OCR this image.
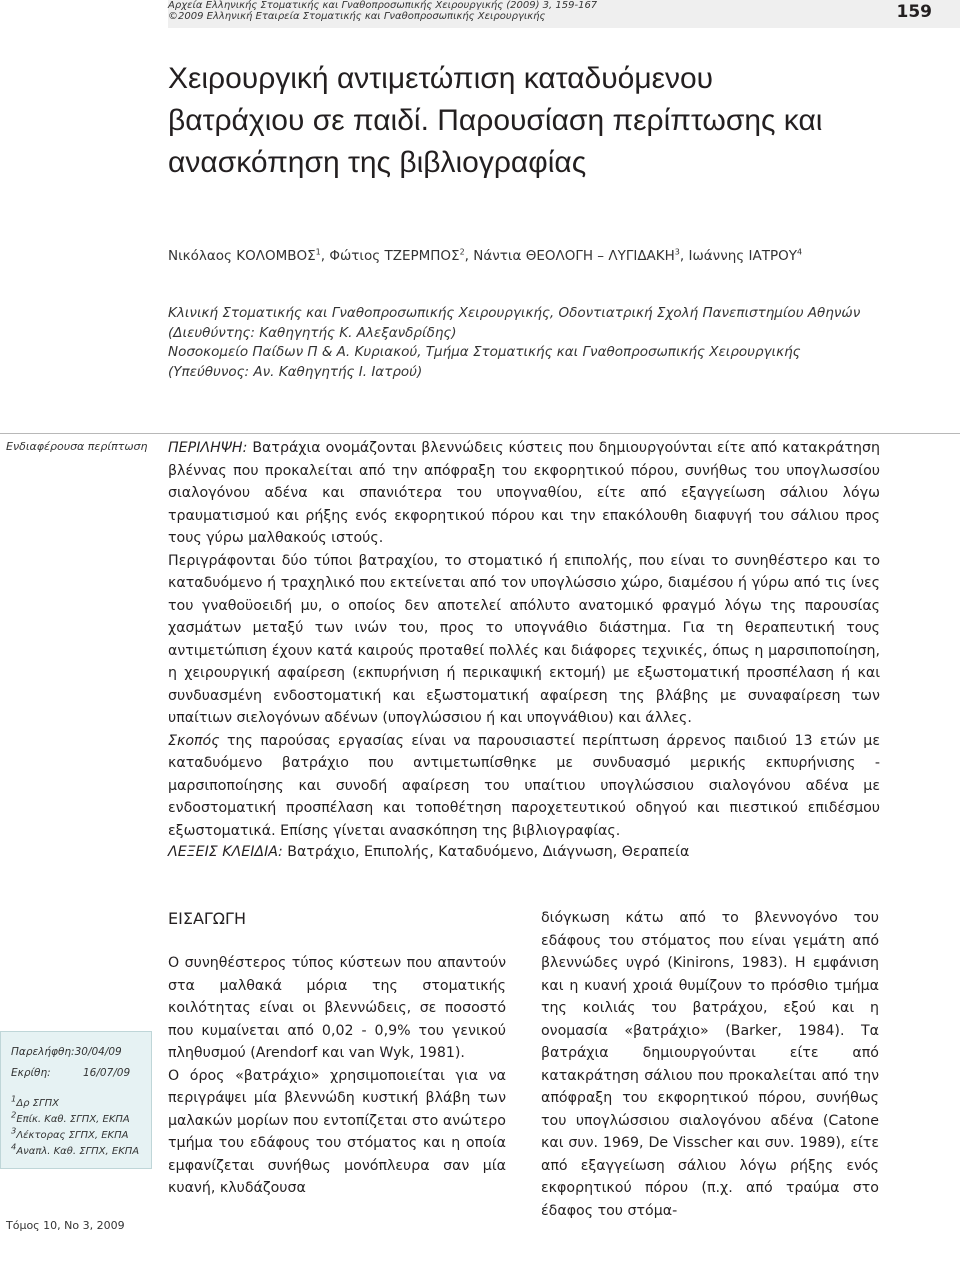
Αρχεία Ελληνικής Στοματικής και Γναθοπροσωπικής Χειρουργικής (2009) 3, 159-167
©2009 Ελληνική Εταιρεία Στοματικής και Γναθοπροσωπικής Χειρουργικής	159
Χειρουργική αντιμετώπιση καταδυόμενου
βατράχιου σε παιδί. Παρουσίαση περίπτωσης και
ανασκόπηση της βιβλιογραφίας
Νικόλαος ΚΟΛΟΜΒΟΣ$^1$, Φώτιος ΤΖΕΡΜΠΟΣ$^2$, Νάντια ΘΕΟΛΟΓΗ – ΛΥΓΙΔΑΚΗ$^3$, Ιωάννης ΙΑΤΡΟΥ$^4$

Κλινική Στοματικής και Γναθοπροσωπικής Χειρουργικής, Οδοντιατρική Σχολή Πανεπιστημίου Αθηνών

(Διευθύντης: Καθηγητής Κ. Αλεξανδρίδης)

Νοσοκομείο Παίδων Π & Α. Κυριακού, Τμήμα Στοματικής και Γναθοπροσωπικής Χειρουργικής

(Υπεύθυνος: Αν. Καθηγητής Ι. Ιατρού)

Ενδιαφέρουσα περίπτωση ΠΕΡΙΛΗΨΗ: Βατράχια ονομάζονται βλεννώδεις κύστεις που δημιουργούνται είτε από κατακράτηση βλέννας που προκαλείται από την απόφραξη του εκφορητικού πόρου, συνήθως του υπογλωσσίου σιαλογόνου αδένα και σπανιότερα του υπογναθίου, είτε από εξαγγείωση σάλιου λόγω τραυματισμού και ρήξης ενός εκφορητικού πόρου και την επακόλουθη διαφυγή του σάλιου προς τους γύρω μαλθακούς ιστούς.

Περιγράφονται δύο τύποι βατραχίου, το στοματικό ή επιπολής, που είναι το συνηθέστερο και το καταδυόμενο ή τραχηλικό που εκτείνεται από τον υπογλώσσιο χώρο, διαμέσου ή γύρω από τις ίνες του γναθοϋοειδή μυ, ο οποίος δεν αποτελεί απόλυτο ανατομικό φραγμό λόγω της παρουσίας χασμάτων μεταξύ των ινών του, προς το υπογνάθιο διάστημα. Για τη θεραπευτική τους αντιμετώπιση έχουν κατά καιρούς προταθεί πολλές και διάφορες τεχνικές, όπως η μαρσιποποίηση, η χειρουργική αφαίρεση (εκπυρήνιση ή περικαψική εκτομή) με εξωστοματική προσπέλαση ή και συνδυασμένη ενδοστοματική και εξωστοματική αφαίρεση της βλάβης με συναφαίρεση των υπαίτιων σιελογόνων αδένων (υπογλώσσιου ή και υπογνάθιου) και άλλες.

Σκοπός της παρούσας εργασίας είναι να παρουσιαστεί περίπτωση άρρενος παιδιού 13 ετών με καταδυόμενο βατράχιο που αντιμετωπίσθηκε με συνδυασμό μερικής εκπυρήνισης - μαρσιποποίησης και συνοδή αφαίρεση του υπαίτιου υπογλώσσιου σιαλογόνου αδένα με ενδοστοματική προσπέλαση και τοποθέτηση παροχετευτικού οδηγού και πιεστικού επιδέσμου εξωστοματικά. Επίσης γίνεται ανασκόπηση της βιβλιογραφίας.

ΛΕΞΕΙΣ ΚΛΕΙΔΙΑ: Βατράχιο, Επιπολής, Καταδυόμενο, Διάγνωση, Θεραπεία
ΕΙΣΑΓΩΓΗ

Ο συνηθέστερος τύπος κύστεων που απαντούν στα μαλθακά μόρια της στοματικής κοιλότητας είναι οι βλεννώδεις, σε ποσοστό που κυμαίνεται από 0,02 - 0,9% του γενικού πληθυσμού (Arendorf και van Wyk, 1981).

Ο όρος «βατράχιο» χρησιμοποιείται για να περιγράψει μία βλεννώδη κυστική βλάβη των μαλακών μορίων που εντοπίζεται στο ανώτερο τμήμα του εδάφους του στόματος και η οποία εμφανίζεται συνήθως μονόπλευρα σαν μία κυανή, κλυδάζουσα

διόγκωση κάτω από το βλεννογόνο του εδάφους του στόματος που είναι γεμάτη από βλεννώδες υγρό (Kinirons, 1983). Η εμφάνιση και η κυανή χροιά θυμίζουν το πρόσθιο τμήμα της κοιλιάς του βατράχου, εξού και η ονομασία «βατράχιο» (Barker, 1984). Τα βατράχια δημιουργούνται είτε από κατακράτηση σάλιου που προκαλείται από την απόφραξη του εκφορητικού πόρου, συνήθως του υπογλώσσιου σιαλογόνου αδένα (Catone και συν. 1969, De Visscher και συν. 1989), είτε από εξαγγείωση σάλιου λόγω ρήξης ενός εκφορητικού πόρου (π.χ. από τραύμα στο έδαφος του στόμα-

Παρελήφθη:30/04/09
Εκρίθη:	16/07/09
$^1$Δρ ΣΓΠΧ
$^2$Επίκ. Καθ. ΣΓΠΧ, ΕΚΠΑ
$^3$Λέκτορας ΣΓΠΧ, ΕΚΠΑ
$^4$Αναπλ. Καθ. ΣΓΠΧ, ΕΚΠΑ
Τόμος 10, Νο 3, 2009
